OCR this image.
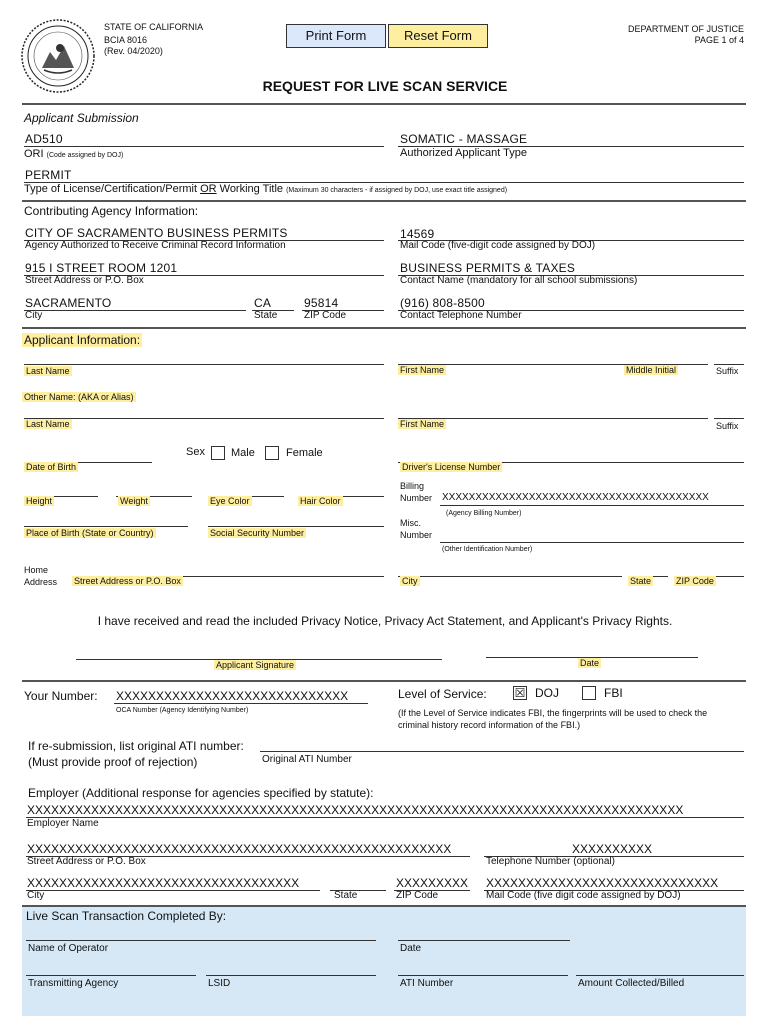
STATE OF CALIFORNIA
BCIA 8016
(Rev. 04/2020)
Print Form	Reset Form	DEPARTMENT OF JUSTICE
PAGE 1 of 4
REQUEST FOR LIVE SCAN SERVICE
Applicant Submission
AD510
ORI (Code assigned by DOJ)
SOMATIC - MASSAGE
Authorized Applicant Type
PERMIT
Type of License/Certification/Permit OR Working Title (Maximum 30 characters - if assigned by DOJ, use exact title assigned)
Contributing Agency Information:
CITY OF SACRAMENTO BUSINESS PERMITS
Agency Authorized to Receive Criminal Record Information
14569
Mail Code (five-digit code assigned by DOJ)
915 I STREET ROOM 1201
Street Address or P.O. Box
BUSINESS PERMITS & TAXES
Contact Name (mandatory for all school submissions)
SACRAMENTO
City
CA
State
95814
ZIP Code
(916) 808-8500
Contact Telephone Number
Applicant Information:
Last Name	First Name	Middle Initial	Suffix
Other Name: (AKA or Alias)
Last Name	First Name	Suffix
Sex Male	Female
Date of Birth	Driver's License Number
Height	Weight	Eye Color	Hair Color
Billing
Number XXXXXXXXXXXXXXXXXXXXXXXXXXXXXXXXXXXXXXXX
(Agency Billing Number)
Place of Birth (State or Country)	Social Security Number
Misc.
Number
(Other Identification Number)
Home
Address Street Address or P.O. Box	City	State	ZIP Code
I have received and read the included Privacy Notice, Privacy Act Statement, and Applicant's Privacy Rights.
Applicant Signature	Date
Your Number: XXXXXXXXXXXXXXXXXXXXXXXXXXXXX
OCA Number (Agency Identifying Number)
Level of Service: ☒ DOJ	FBI
(If the Level of Service indicates FBI, the fingerprints will be used to check the
criminal history record information of the FBI.)
If re-submission, list original ATI number:
(Must provide proof of rejection)	Original ATI Number
Employer (Additional response for agencies specified by statute):
XXXXXXXXXXXXXXXXXXXXXXXXXXXXXXXXXXXXXXXXXXXXXXXXXXXXXXXXXXXXXXXXXXXXXXXXXXXXXXXXXX
Employer Name
XXXXXXXXXXXXXXXXXXXXXXXXXXXXXXXXXXXXXXXXXXXXXXXXXXXXX
Street Address or P.O. Box
XXXXXXXXXX
Telephone Number (optional)
XXXXXXXXXXXXXXXXXXXXXXXXXXXXXXXXXX
City	State
XXXXXXXXX
ZIP Code
XXXXXXXXXXXXXXXXXXXXXXXXXXXXX
Mail Code (five digit code assigned by DOJ)
Live Scan Transaction Completed By:
Name of Operator	Date
Transmitting Agency	LSID	ATI Number	Amount Collected/Billed
